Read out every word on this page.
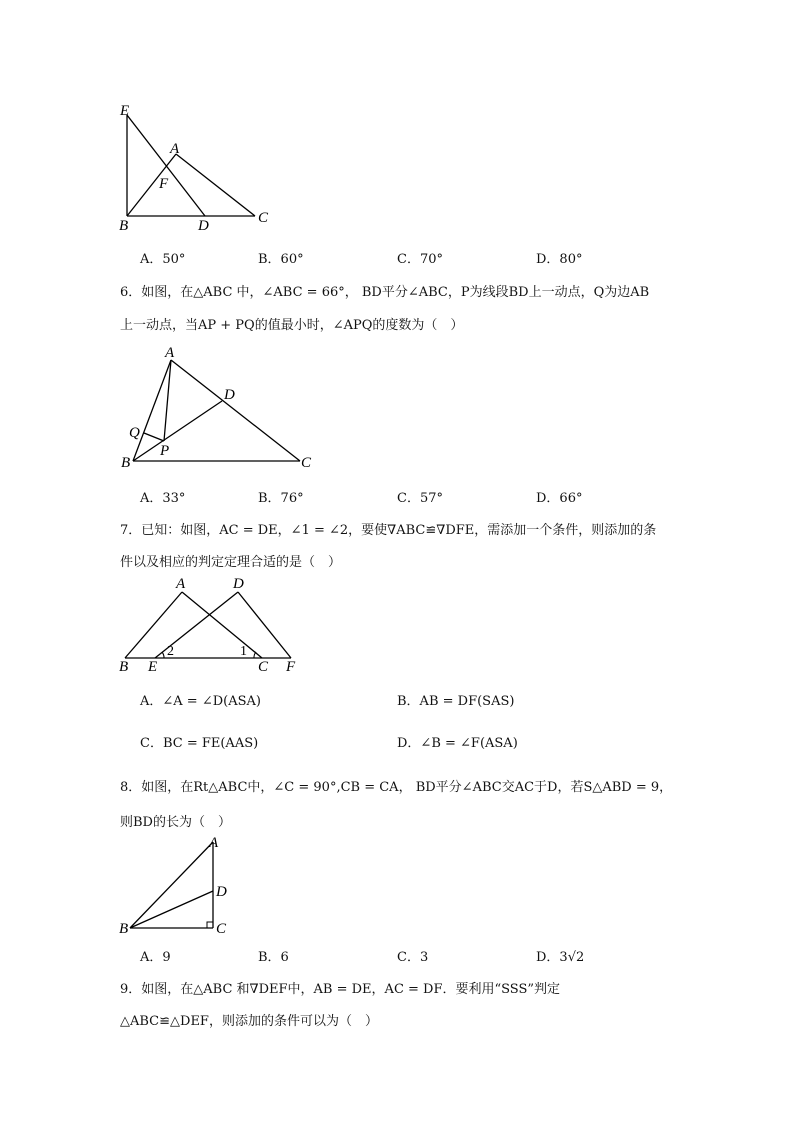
E
A
F
B	D	C
A．50°	B．60°	C．70°	D．80°
6．如图，在△ABC 中，∠ABC = 66°， BD平分∠ABC，P为线段BD上一动点，Q为边AB
上一动点，当AP + PQ的值最小时，∠APQ的度数为（　）
A
D
Q
P
B	C
A．33°	B．76°	C．57°	D．66°
7．已知：如图，AC = DE，∠1 = ∠2，要使∇ABC≌∇DFE，需添加一个条件，则添加的条
件以及相应的判定定理合适的是（　）
A	D
B E	C F
2	1
A．∠A = ∠D(ASA)	B．AB = DF(SAS)
C．BC = FE(AAS)	D．∠B = ∠F(ASA)
8．如图，在Rt△ABC中，∠C = 90°,CB = CA， BD平分∠ABC交AC于D，若S△ABD = 9，
则BD的长为（　）
A
D
B	C
A．9	B．6	C．3	D．3√2
9．如图，在△ABC 和∇DEF中，AB = DE，AC = DF．要利用“SSS”判定
△ABC≌△DEF，则添加的条件可以为（　）
